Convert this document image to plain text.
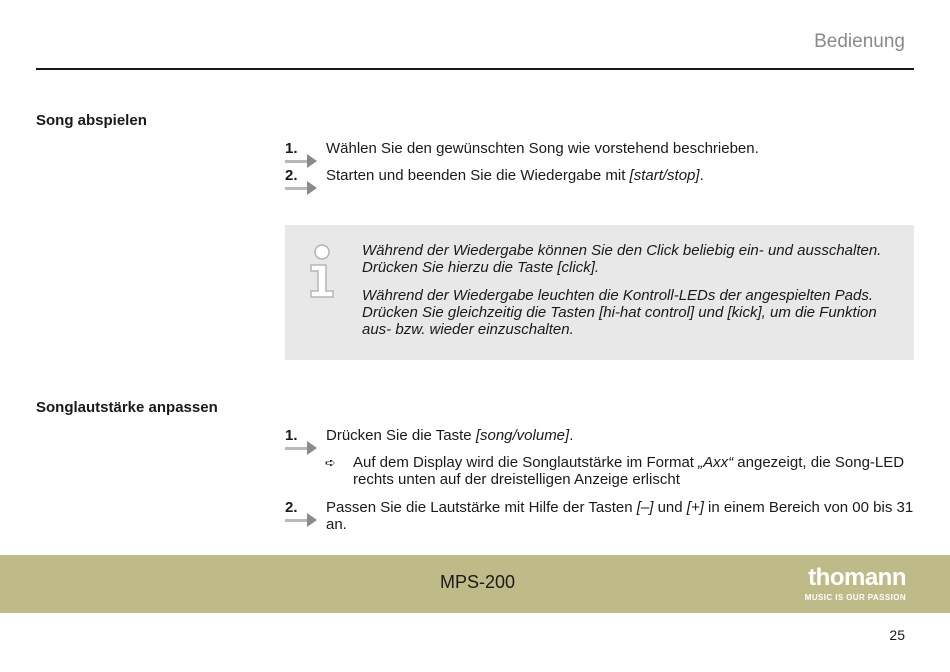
Bedienung
Song abspielen
1. Wählen Sie den gewünschten Song wie vorstehend beschrieben.
2. Starten und beenden Sie die Wiedergabe mit [start/stop].
Während der Wiedergabe können Sie den Click beliebig ein- und ausschalten. Drücken Sie hierzu die Taste [click].
Während der Wiedergabe leuchten die Kontroll-LEDs der angespielten Pads. Drücken Sie gleichzeitig die Tasten [hi-hat control] und [kick], um die Funktion aus- bzw. wieder einzuschalten.
Songlautstärke anpassen
1. Drücken Sie die Taste [song/volume].
➪ Auf dem Display wird die Songlautstärke im Format „Axx“ angezeigt, die Song-LED rechts unten auf der dreistelligen Anzeige erlischt
2. Passen Sie die Lautstärke mit Hilfe der Tasten [–] und [+] in einem Bereich von 00 bis 31 an.
MPS-200	thomann
MUSIC IS OUR PASSION
25
